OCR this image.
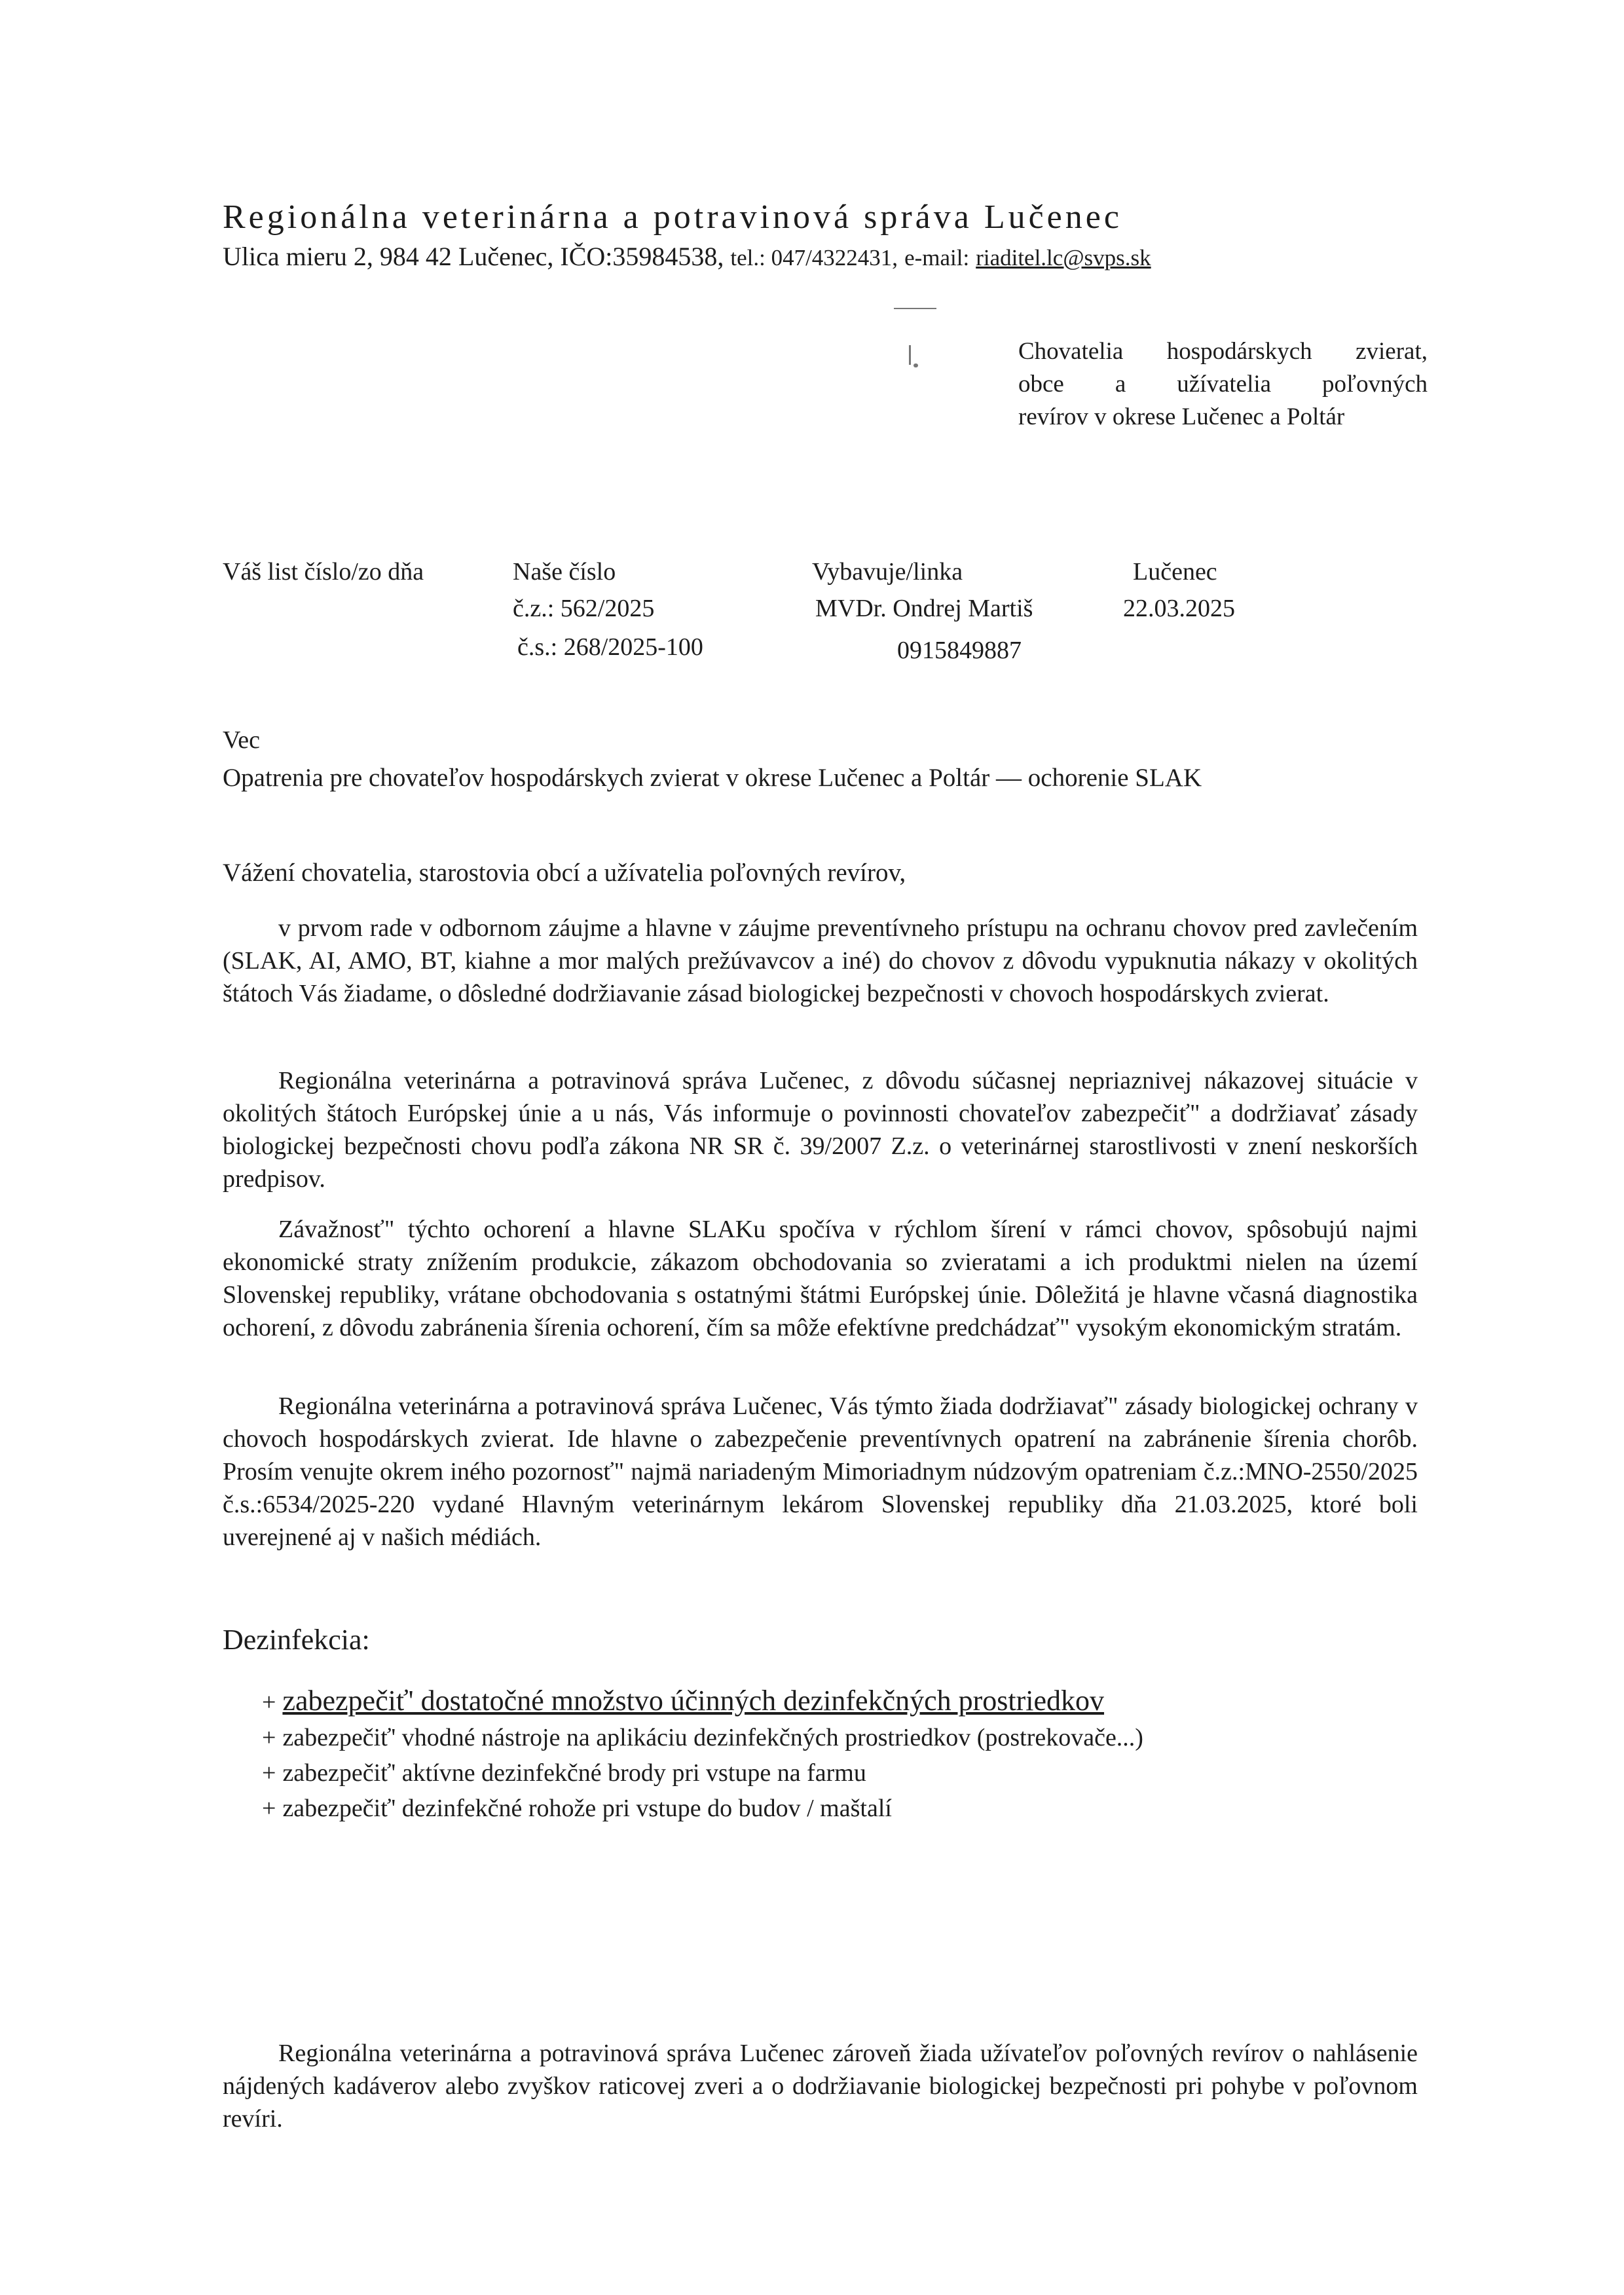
Regionálna veterinárna a potravinová správa Lučenec
Ulica mieru 2, 984 42 Lučenec, IČO:35984538, tel.: 047/4322431, e-mail: riaditel.lc@svps.sk
Chovatelia hospodárskych zvierat,
obce a užívatelia poľovných
revírov v okrese Lučenec a Poltár
Váš list číslo/zo dňa	Naše číslo
č.z.: 562/2025
č.s.: 268/2025-100
Vybavuje/linka
MVDr. Ondrej Martiš
0915849887
Lučenec
22.03.2025
Vec
Opatrenia pre chovateľov hospodárskych zvierat v okrese Lučenec a Poltár — ochorenie SLAK
Vážení chovatelia, starostovia obcí a užívatelia poľovných revírov,
v prvom rade v odbornom záujme a hlavne v záujme preventívneho prístupu na ochranu chovov pred zavlečením (SLAK, AI, AMO, BT, kiahne a mor malých prežúvavcov a iné) do chovov z dôvodu vypuknutia nákazy v okolitých štátoch Vás žiadame, o dôsledné dodržiavanie zásad biologickej bezpečnosti v chovoch hospodárskych zvierat.
Regionálna veterinárna a potravinová správa Lučenec, z dôvodu súčasnej nepriaznivej nákazovej situácie v okolitých štátoch Európskej únie a u nás, Vás informuje o povinnosti chovateľov zabezpečiť" a dodržiavať zásady biologickej bezpečnosti chovu podľa zákona NR SR č. 39/2007 Z.z. o veterinárnej starostlivosti v znení neskorších predpisov.
Závažnosť" týchto ochorení a hlavne SLAKu spočíva v rýchlom šírení v rámci chovov, spôsobujú najmi ekonomické straty znížením produkcie, zákazom obchodovania so zvieratami a ich produktmi nielen na území Slovenskej republiky, vrátane obchodovania s ostatnými štátmi Európskej únie. Dôležitá je hlavne včasná diagnostika ochorení, z dôvodu zabránenia šírenia ochorení, čím sa môže efektívne predchádzať" vysokým ekonomickým stratám.
Regionálna veterinárna a potravinová správa Lučenec, Vás týmto žiada dodržiavať" zásady biologickej ochrany v chovoch hospodárskych zvierat. Ide hlavne o zabezpečenie preventívnych opatrení na zabránenie šírenia chorôb. Prosím venujte okrem iného pozornosť" najmä nariadeným Mimoriadnym núdzovým opatreniam č.z.:MNO-2550/2025 č.s.:6534/2025-220 vydané Hlavným veterinárnym lekárom Slovenskej republiky dňa 21.03.2025, ktoré boli uverejnené aj v našich médiách.
Dezinfekcia:
+ zabezpečiť' dostatočné množstvo účinných dezinfekčných prostriedkov
+ zabezpečiť' vhodné nástroje na aplikáciu dezinfekčných prostriedkov (postrekovače...)
+ zabezpečiť' aktívne dezinfekčné brody pri vstupe na farmu
+ zabezpečiť' dezinfekčné rohože pri vstupe do budov / maštalí
Regionálna veterinárna a potravinová správa Lučenec zároveň žiada užívateľov poľovných revírov o nahlásenie nájdených kadáverov alebo zvyškov raticovej zveri a o dodržiavanie biologickej bezpečnosti pri pohybe v poľovnom revíri.
